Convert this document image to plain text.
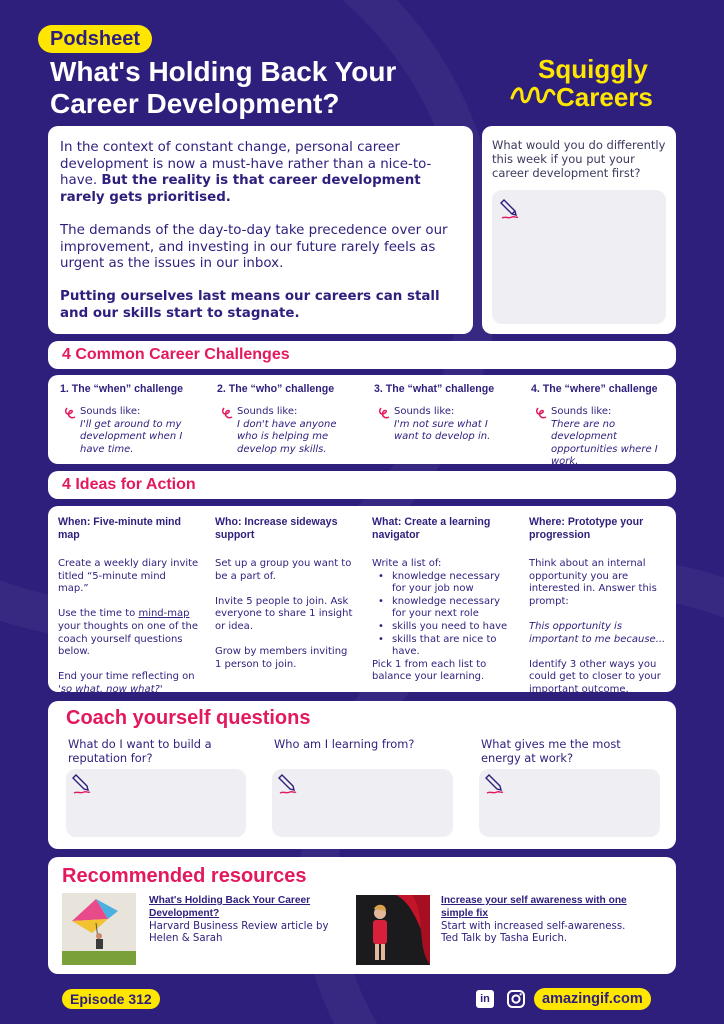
Podsheet
What's Holding Back Your
Career Development?
Squiggly
Careers

In the context of constant change, personal career development is now a must-have rather than a nice-to-have. But the reality is that career development rarely gets prioritised.

The demands of the day-to-day take precedence over our improvement, and investing in our future rarely feels as urgent as the issues in our inbox.

Putting ourselves last means our careers can stall and our skills start to stagnate.

What would you do differently this week if you put your career development first?
4 Common Career Challenges
1. The “when” challenge
Sounds like:
I'll get around to my development when I have time.
2. The “who” challenge
Sounds like:
I don't have anyone who is helping me develop my skills.
3. The “what” challenge
Sounds like:
I'm not sure what I want to develop in.
4. The “where” challenge
Sounds like:
There are no development opportunities where I work.
4 Ideas for Action
When: Five-minute mind map

Create a weekly diary invite titled “5-minute mind map.”

Use the time to mind-map your thoughts on one of the coach yourself questions below.

End your time reflecting on 'so what, now what?'

Who: Increase sideways support

Set up a group you want to be a part of.

Invite 5 people to join. Ask everyone to share 1 insight or idea.

Grow by members inviting 1 person to join.

What: Create a learning navigator
Write a list of:
• knowledge necessary for your job now
• knowledge necessary for your next role
• skills you need to have
• skills that are nice to have.
Pick 1 from each list to balance your learning.
Where: Prototype your progression

Think about an internal opportunity you are interested in. Answer this prompt:

This opportunity is important to me because...

Identify 3 other ways you could get to closer to your important outcome.

Coach yourself questions
What do I want to build a reputation for?
Who am I learning from?	What gives me the most energy at work?
Recommended resources
What's Holding Back Your Career Development?
Harvard Business Review article by
Helen & Sarah
Increase your self awareness with one simple fix
Start with increased self-awareness.
Ted Talk by Tasha Eurich.
Episode 312	in	amazingif.com
